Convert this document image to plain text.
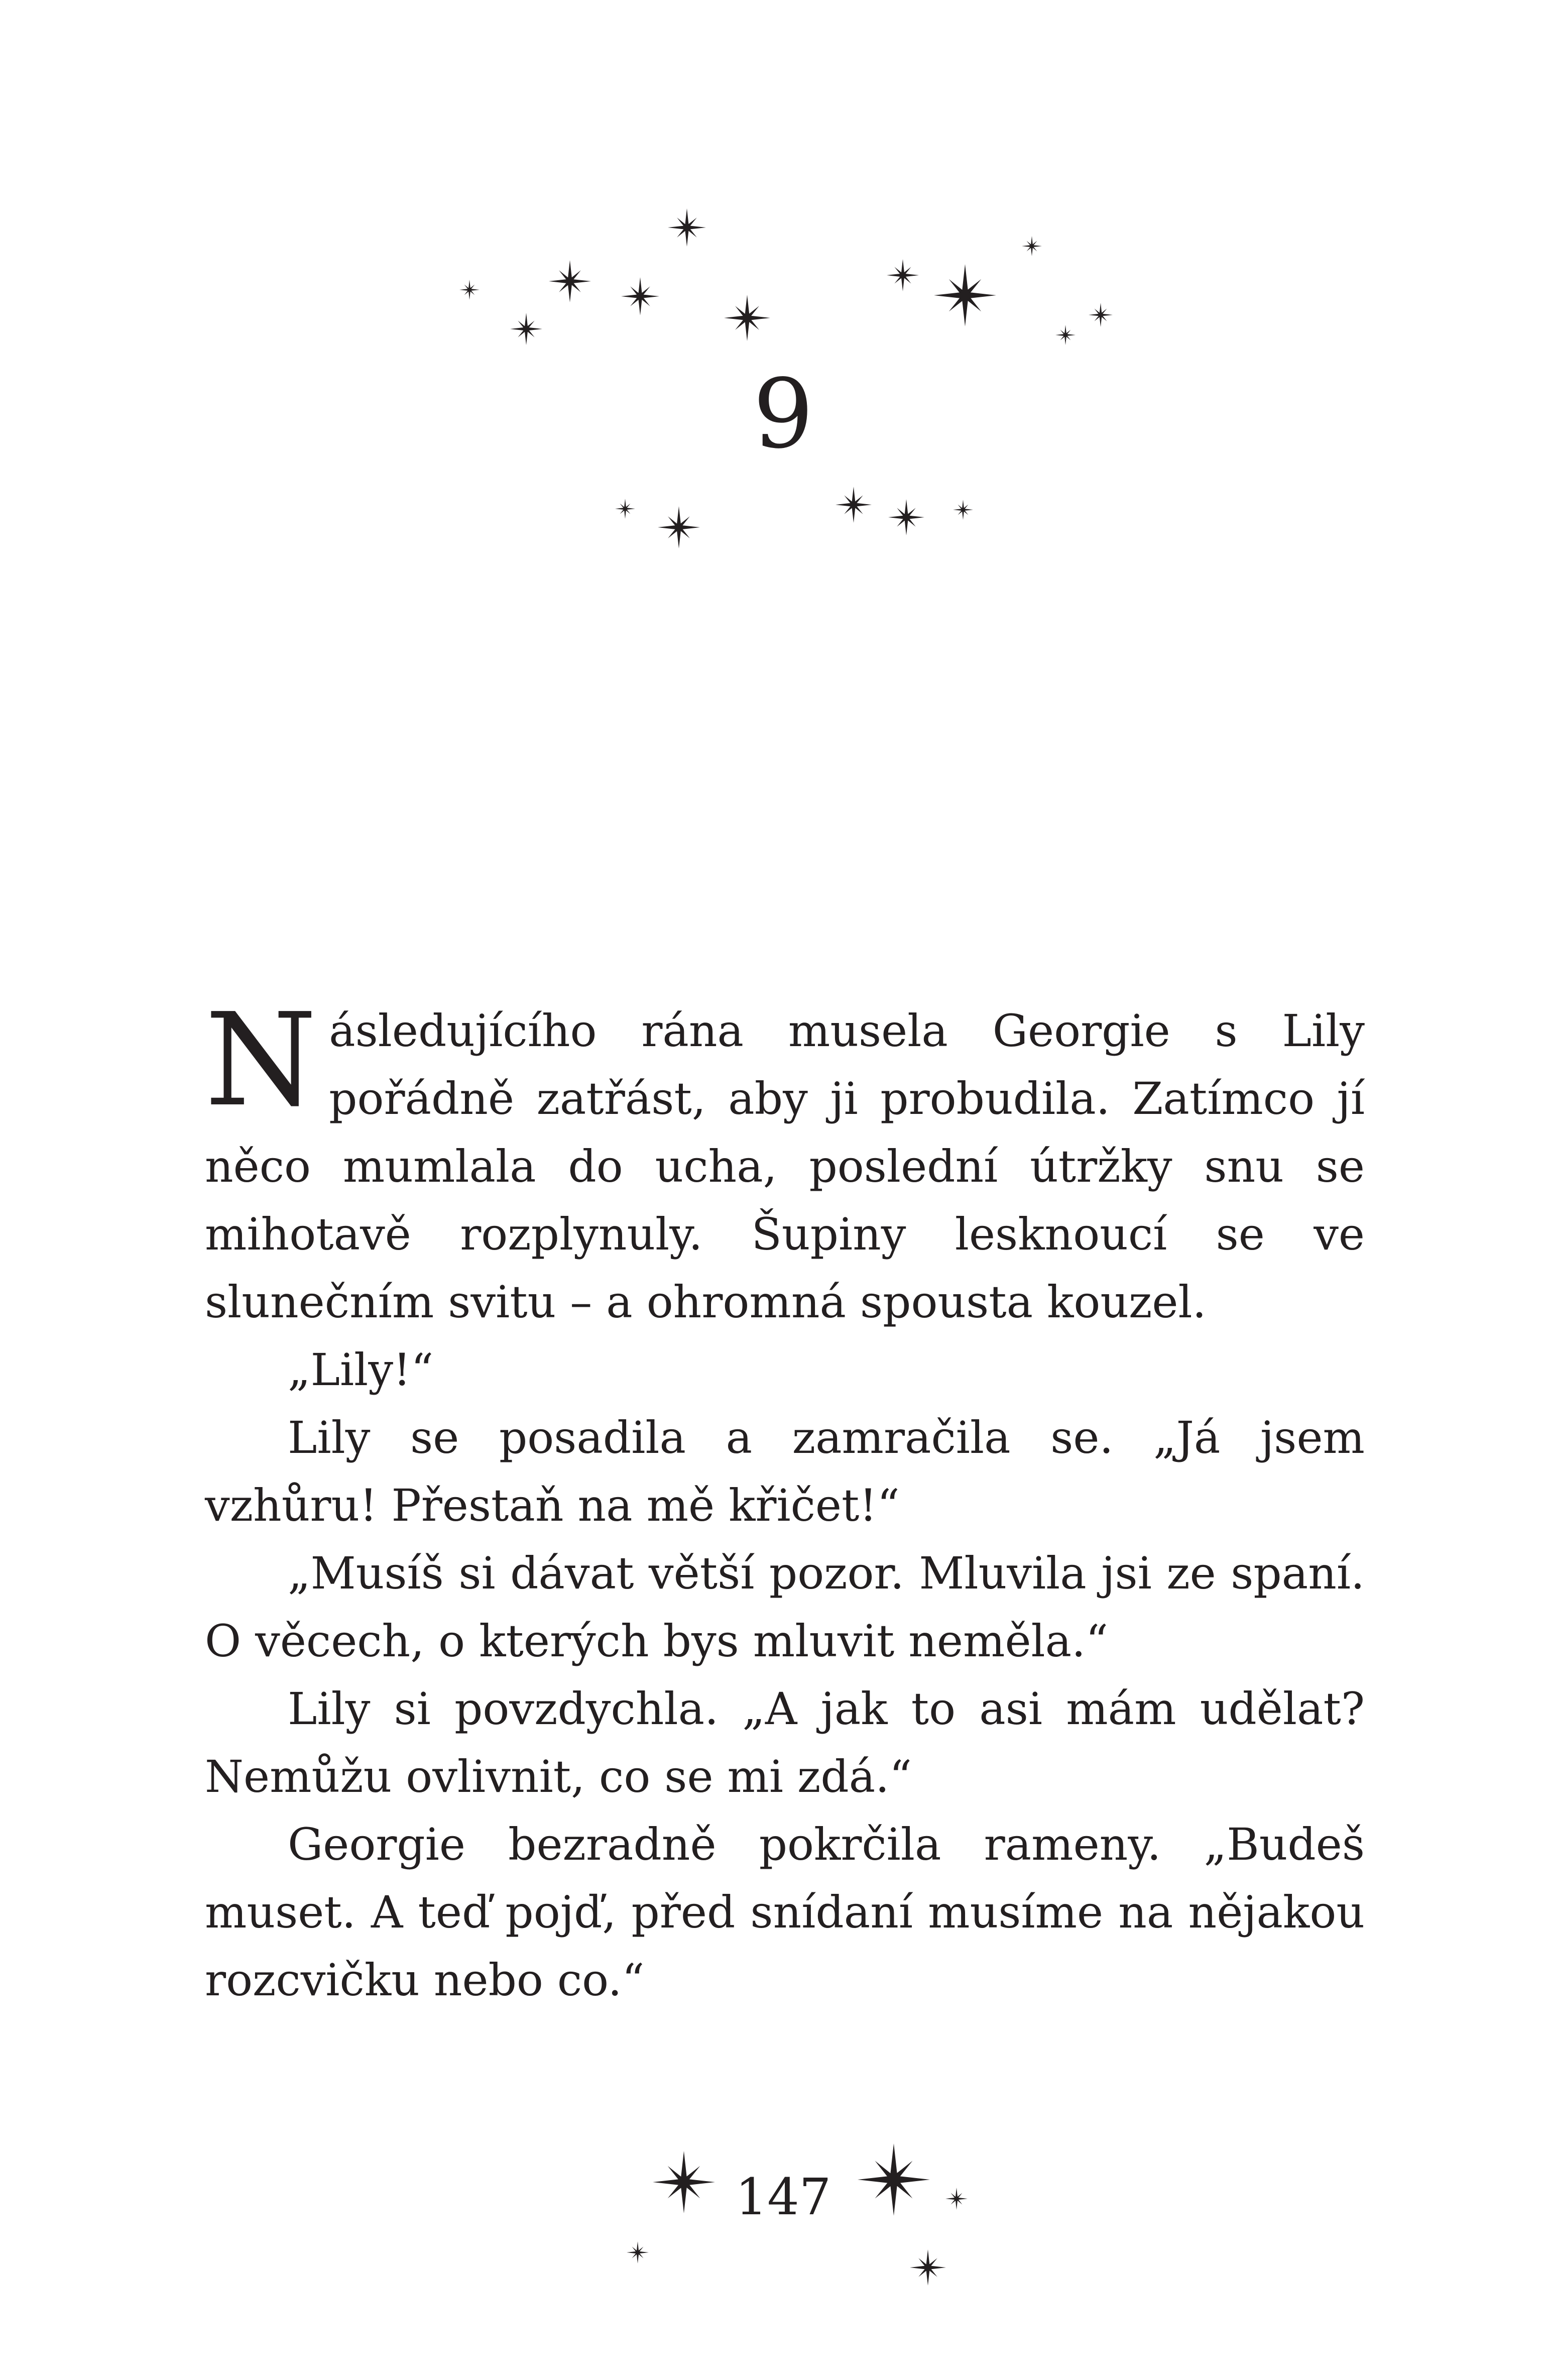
9

Následujícího rána musela Georgie s Lily pořádně zatřást, aby ji probudila. Zatímco jí něco mumlala do ucha, poslední útržky snu se mihotavě rozplynuly. Šupiny lesknoucí se ve slunečním svitu – a ohromná spousta kouzel.

„Lily!“

Lily se posadila a zamračila se. „Já jsem vzhůru! Přestaň na mě křičet!“

„Musíš si dávat větší pozor. Mluvila jsi ze spaní. O věcech, o kterých bys mluvit neměla.“

Lily si povzdychla. „A jak to asi mám udělat? Nemůžu ovlivnit, co se mi zdá.“

Georgie bezradně pokrčila rameny. „Budeš muset. A teď pojď, před snídaní musíme na nějakou rozcvičku nebo co.“

147
